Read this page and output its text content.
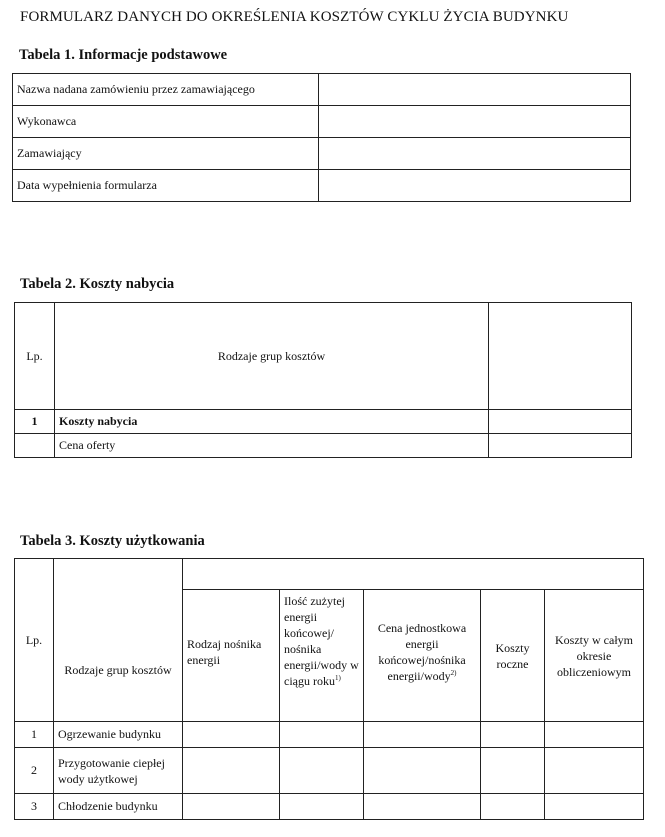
FORMULARZ DANYCH DO OKREŚLENIA KOSZTÓW CYKLU ŻYCIA BUDYNKU
Tabela 1. Informacje podstawowe
Nazwa nadana zamówieniu przez zamawiającego	
Wykonawca	
Zamawiający	
Data wypełnienia formularza	
Tabela 2. Koszty nabycia
Lp.	Rodzaje grup kosztów	
1	Koszty nabycia	
	Cena oferty	
Tabela 3. Koszty użytkowania
Lp.	Rodzaje grup kosztów					
		Rodzaj nośnika energii	Ilość zużytej energii końcowej/ nośnika energii/wody w ciągu roku$^{1)}$	Cena jednostkowa energii końcowej/nośnika energii/wody$^{2)}$	Koszty roczne	Koszty w całym okresie obliczeniowym
1	Ogrzewanie budynku					
2	Przygotowanie ciepłej wody użytkowej					
3	Chłodzenie budynku					
